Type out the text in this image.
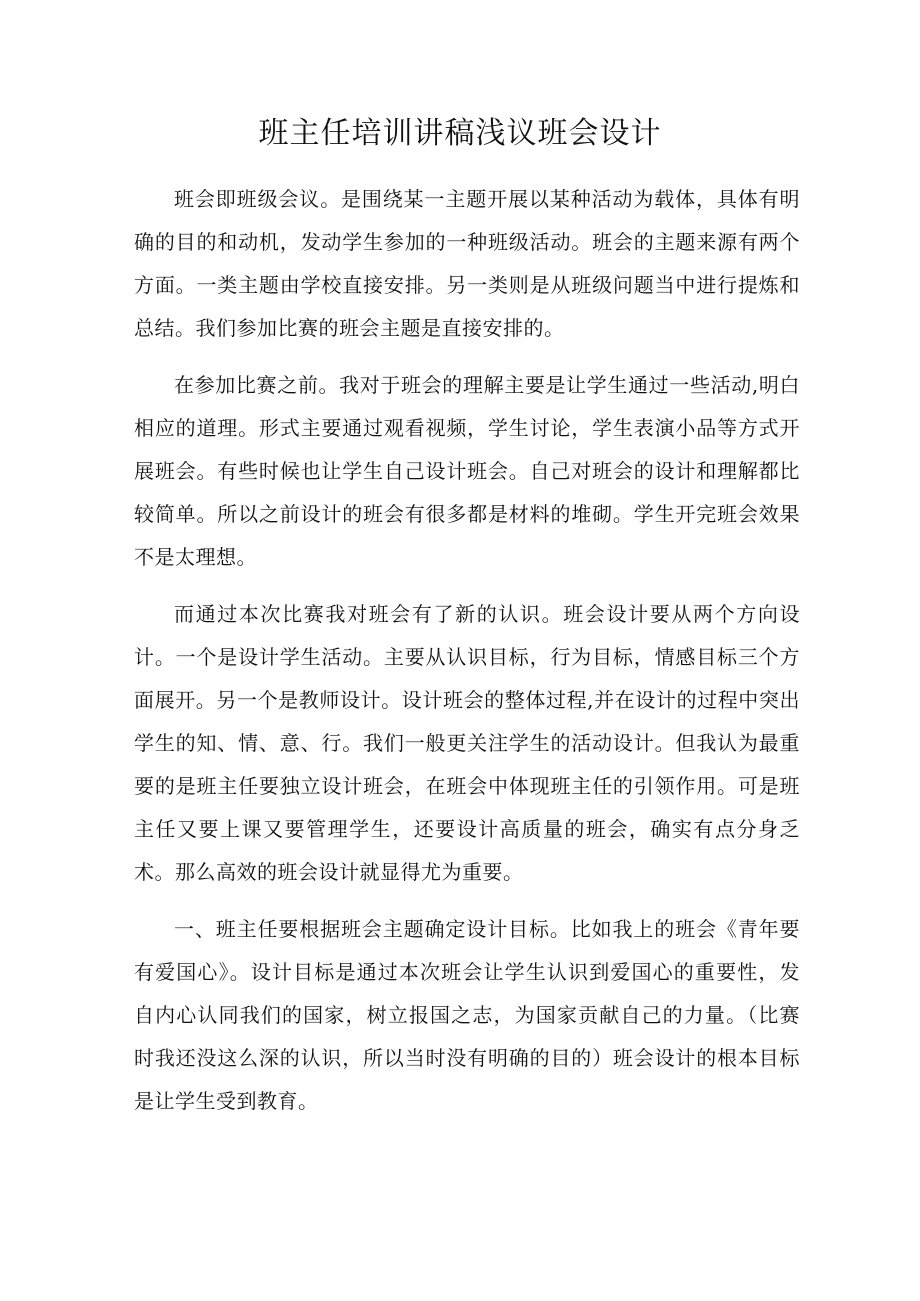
班主任培训讲稿浅议班会设计

班会即班级会议。是围绕某一主题开展以某种活动为载体，具体有明确的目的和动机，发动学生参加的一种班级活动。班会的主题来源有两个方面。一类主题由学校直接安排。另一类则是从班级问题当中进行提炼和总结。我们参加比赛的班会主题是直接安排的。

在参加比赛之前。我对于班会的理解主要是让学生通过一些活动,明白相应的道理。形式主要通过观看视频，学生讨论，学生表演小品等方式开展班会。有些时候也让学生自己设计班会。自己对班会的设计和理解都比较简单。所以之前设计的班会有很多都是材料的堆砌。学生开完班会效果不是太理想。

而通过本次比赛我对班会有了新的认识。班会设计要从两个方向设计。一个是设计学生活动。主要从认识目标，行为目标，情感目标三个方面展开。另一个是教师设计。设计班会的整体过程,并在设计的过程中突出学生的知、情、意、行。我们一般更关注学生的活动设计。但我认为最重要的是班主任要独立设计班会，在班会中体现班主任的引领作用。可是班主任又要上课又要管理学生，还要设计高质量的班会，确实有点分身乏术。那么高效的班会设计就显得尤为重要。

一、班主任要根据班会主题确定设计目标。比如我上的班会《青年要有爱国心》。设计目标是通过本次班会让学生认识到爱国心的重要性，发自内心认同我们的国家，树立报国之志，为国家贡献自己的力量。（比赛时我还没这么深的认识，所以当时没有明确的目的）班会设计的根本目标是让学生受到教育。
